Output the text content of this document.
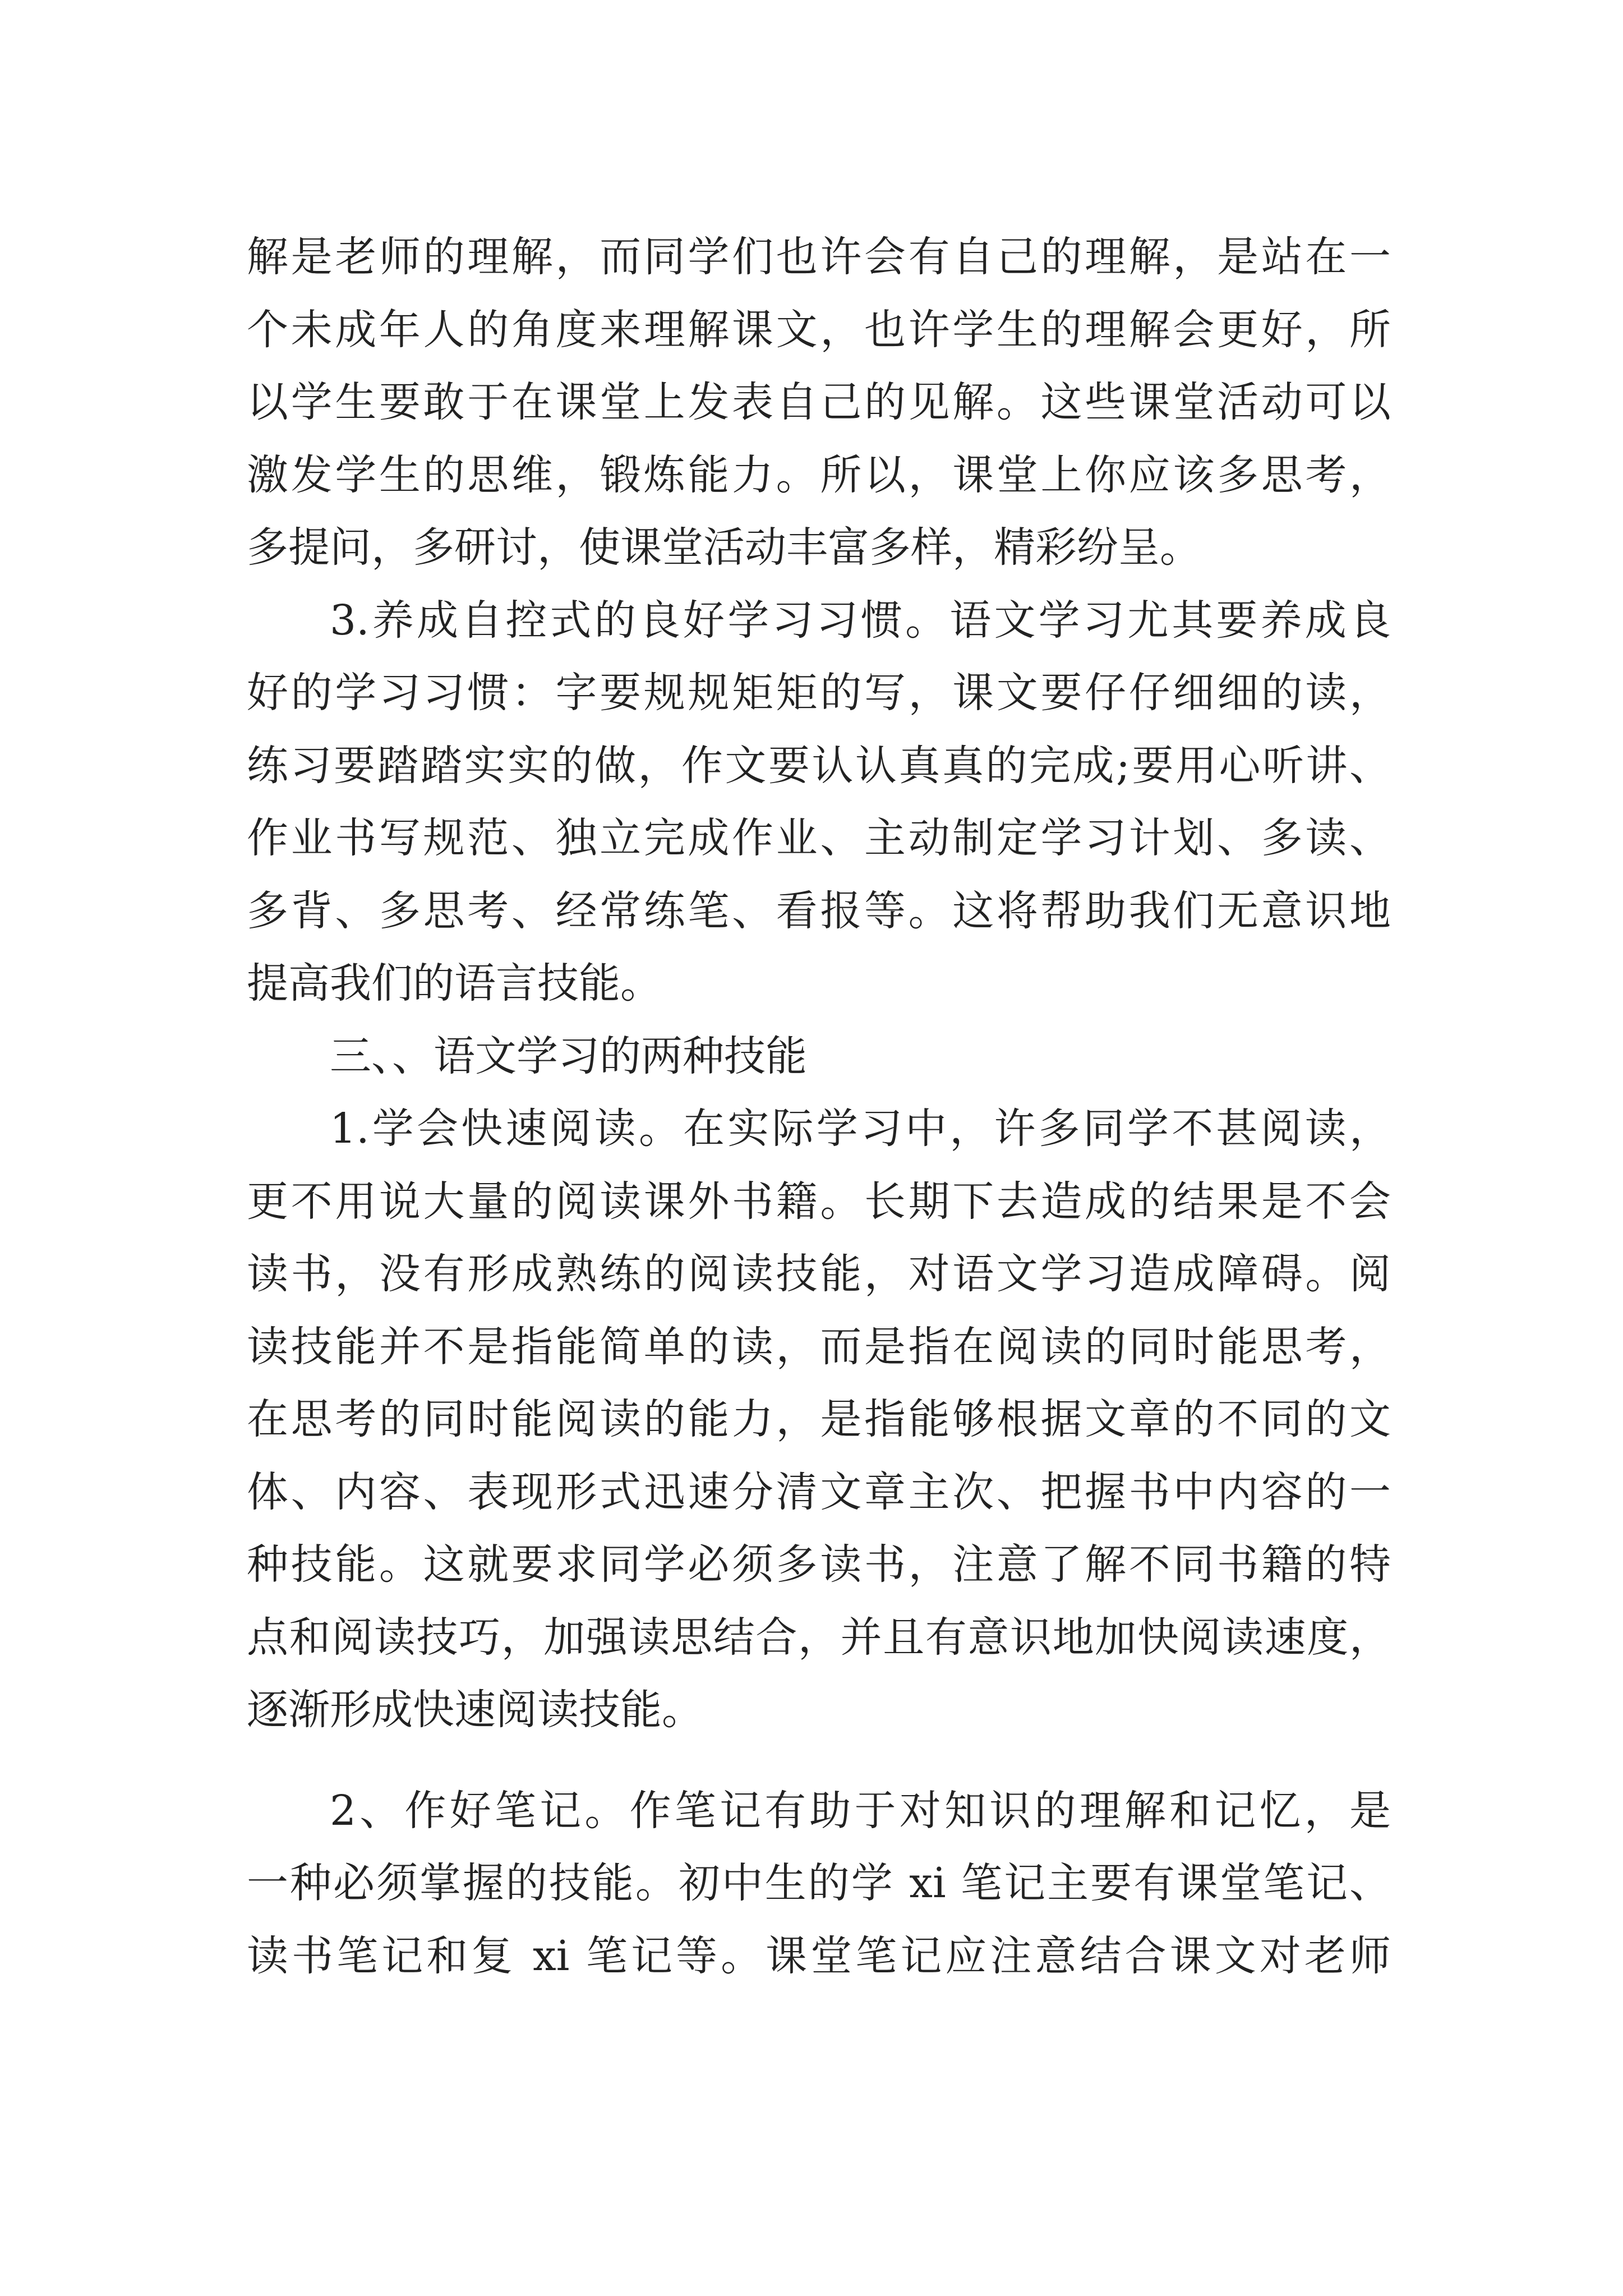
解是老师的理解，而同学们也许会有自己的理解，是站在一
个未成年人的角度来理解课文，也许学生的理解会更好，所
以学生要敢于在课堂上发表自己的见解。这些课堂活动可以
激发学生的思维，锻炼能力。所以，课堂上你应该多思考，
多提问，多研讨，使课堂活动丰富多样，精彩纷呈。
3.养成自控式的良好学习习惯。语文学习尤其要养成良
好的学习习惯：字要规规矩矩的写，课文要仔仔细细的读，
练习要踏踏实实的做，作文要认认真真的完成;要用心听讲、
作业书写规范、独立完成作业、主动制定学习计划、多读、
多背、多思考、经常练笔、看报等。这将帮助我们无意识地
提高我们的语言技能。
三、、语文学习的两种技能
1.学会快速阅读。在实际学习中，许多同学不甚阅读，
更不用说大量的阅读课外书籍。长期下去造成的结果是不会
读书，没有形成熟练的阅读技能，对语文学习造成障碍。阅
读技能并不是指能简单的读，而是指在阅读的同时能思考，
在思考的同时能阅读的能力，是指能够根据文章的不同的文
体、内容、表现形式迅速分清文章主次、把握书中内容的一
种技能。这就要求同学必须多读书，注意了解不同书籍的特
点和阅读技巧，加强读思结合，并且有意识地加快阅读速度，
逐渐形成快速阅读技能。
2、作好笔记。作笔记有助于对知识的理解和记忆，是
一种必须掌握的技能。初中生的学 xi 笔记主要有课堂笔记、
读书笔记和复 xi 笔记等。课堂笔记应注意结合课文对老师
